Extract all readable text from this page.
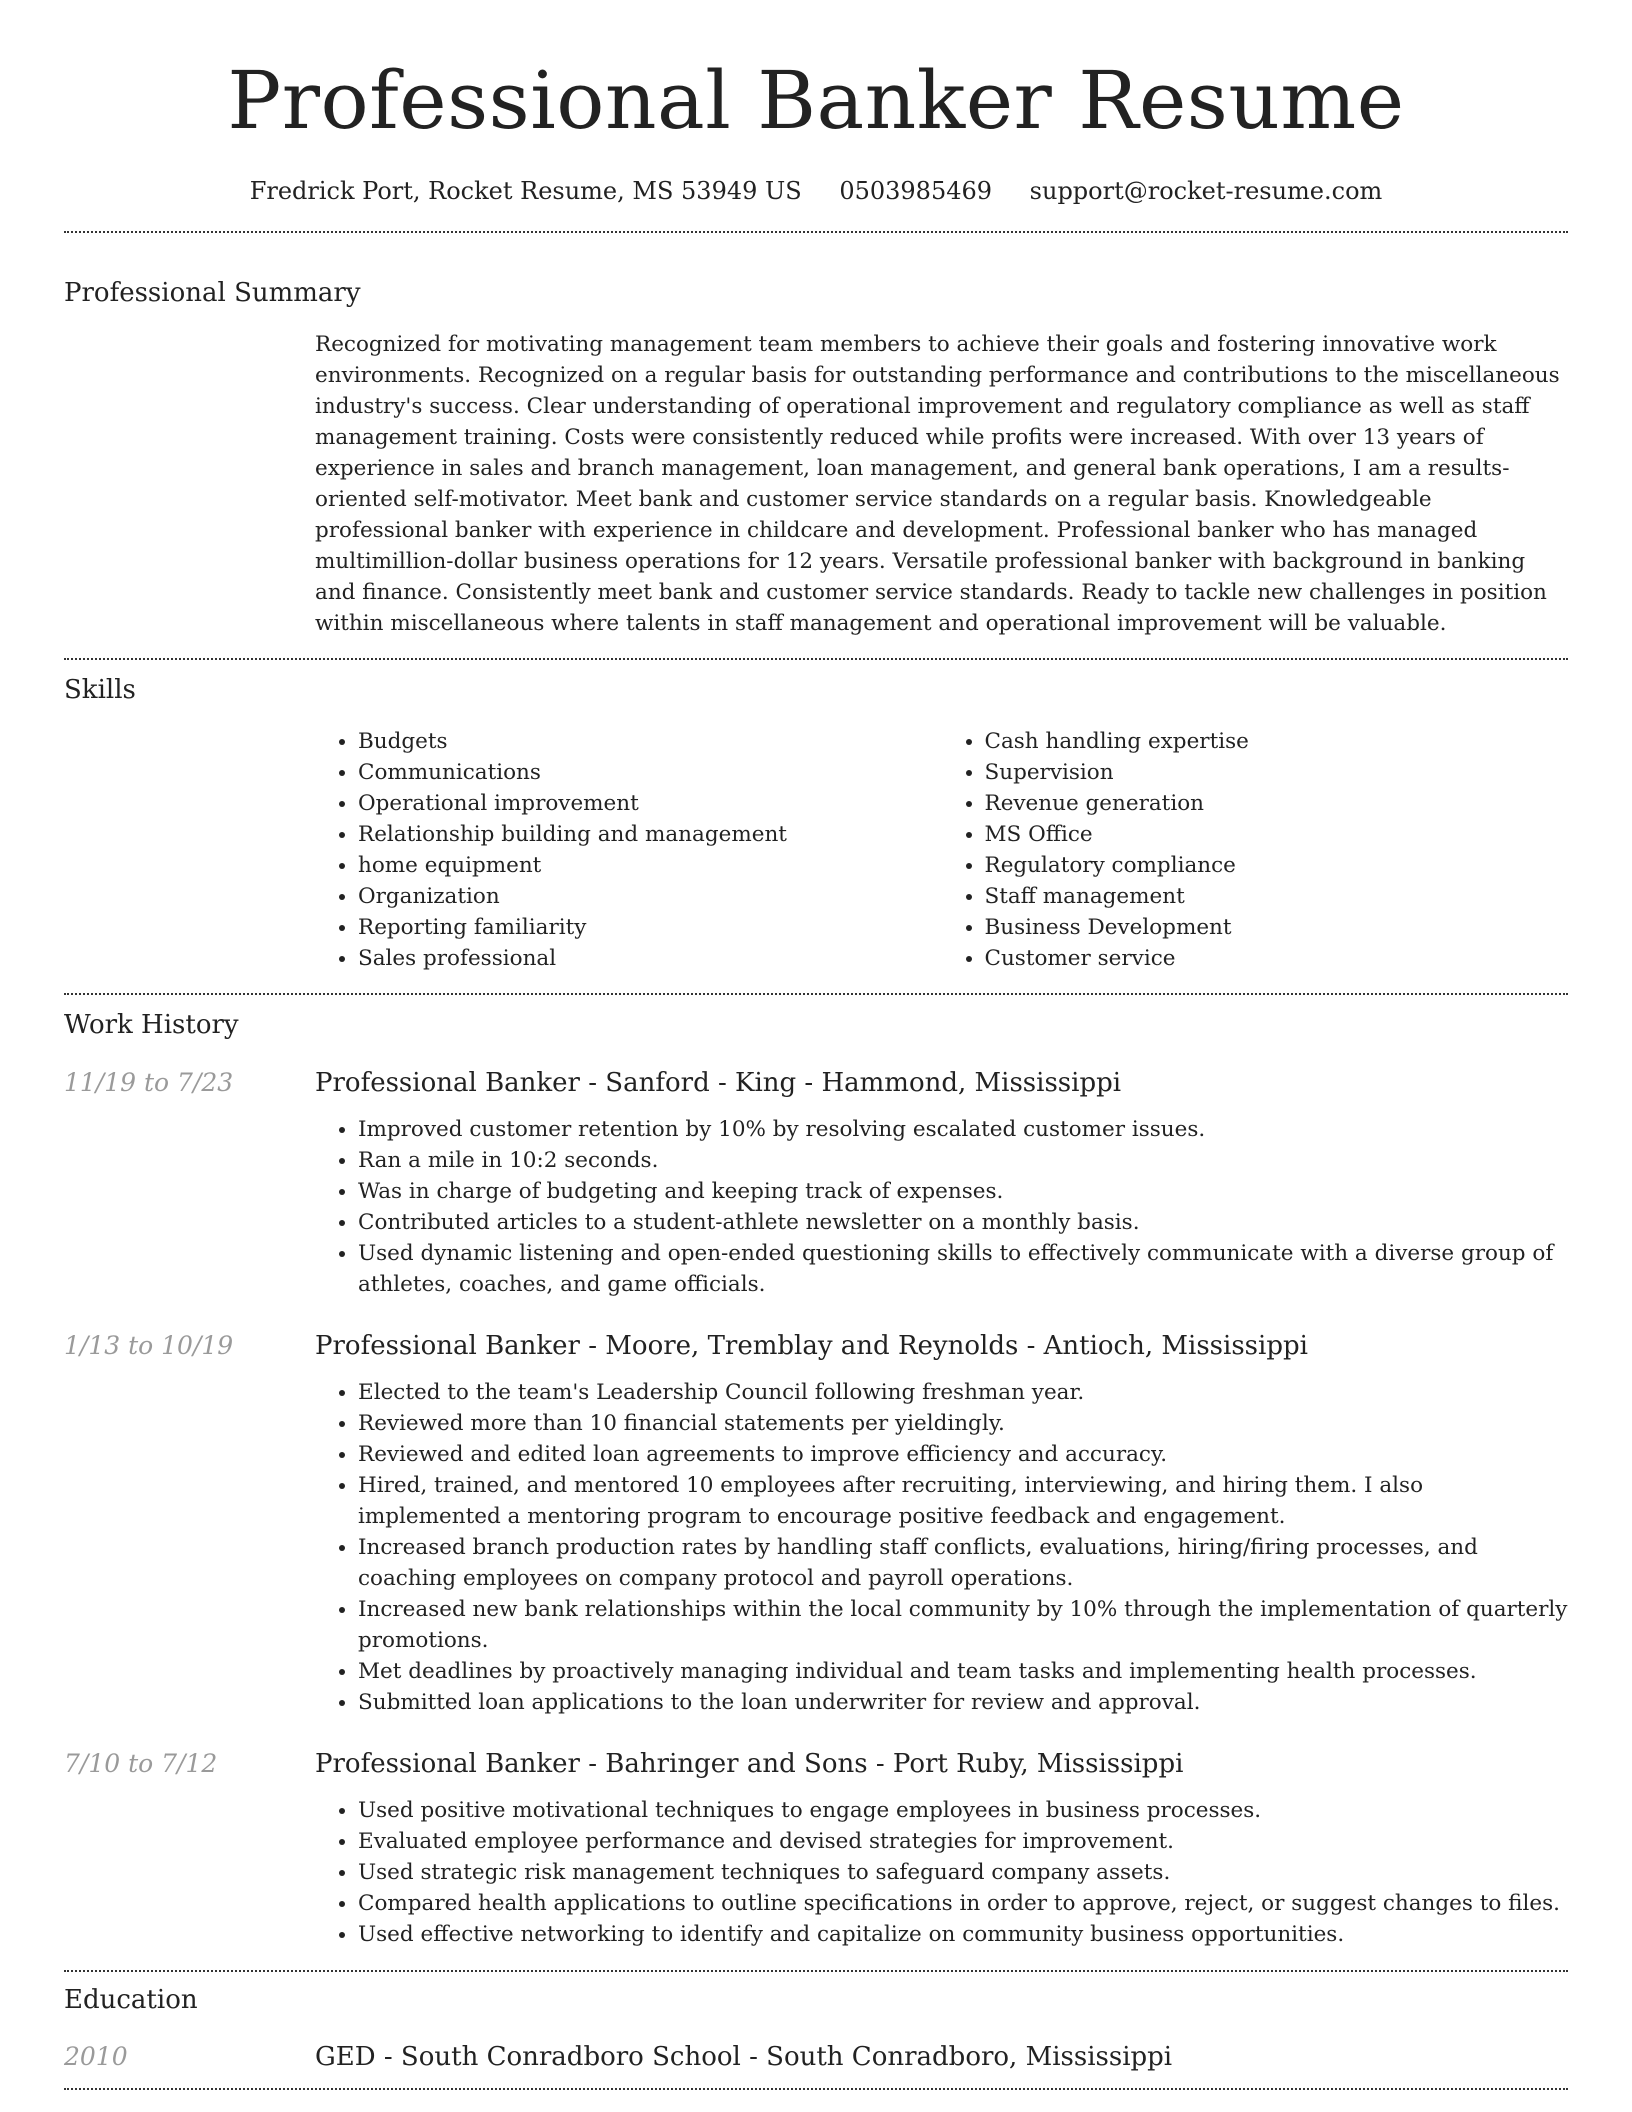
Professional Banker Resume
Fredrick Port, Rocket Resume, MS 53949 US 0503985469 support@rocket-resume.com
Professional Summary

Recognized for motivating management team members to achieve their goals and fostering innovative work environments. Recognized on a regular basis for outstanding performance and contributions to the miscellaneous industry's success. Clear understanding of operational improvement and regulatory compliance as well as staff management training. Costs were consistently reduced while profits were increased. With over 13 years of experience in sales and branch management, loan management, and general bank operations, I am a results-oriented self-motivator. Meet bank and customer service standards on a regular basis. Knowledgeable professional banker with experience in childcare and development. Professional banker who has managed multimillion-dollar business operations for 12 years. Versatile professional banker with background in banking and finance. Consistently meet bank and customer service standards. Ready to tackle new challenges in position within miscellaneous where talents in staff management and operational improvement will be valuable.

Skills
• Budgets
• Communications
• Operational improvement
• Relationship building and management
• home equipment
• Organization
• Reporting familiarity
• Sales professional
• Cash handling expertise
• Supervision
• Revenue generation
• MS Office
• Regulatory compliance
• Staff management
• Business Development
• Customer service
Work History
11/19 to 7/23	Professional Banker - Sanford - King - Hammond, Mississippi
• Improved customer retention by 10% by resolving escalated customer issues.
• Ran a mile in 10:2 seconds.
• Was in charge of budgeting and keeping track of expenses.
• Contributed articles to a student-athlete newsletter on a monthly basis.
• Used dynamic listening and open-ended questioning skills to effectively communicate with a diverse group of athletes, coaches, and game officials.
1/13 to 10/19	Professional Banker - Moore, Tremblay and Reynolds - Antioch, Mississippi
• Elected to the team's Leadership Council following freshman year.
• Reviewed more than 10 financial statements per yieldingly.
• Reviewed and edited loan agreements to improve efficiency and accuracy.
• Hired, trained, and mentored 10 employees after recruiting, interviewing, and hiring them. I also implemented a mentoring program to encourage positive feedback and engagement.
• Increased branch production rates by handling staff conflicts, evaluations, hiring/firing processes, and coaching employees on company protocol and payroll operations.
• Increased new bank relationships within the local community by 10% through the implementation of quarterly promotions.
• Met deadlines by proactively managing individual and team tasks and implementing health processes.
• Submitted loan applications to the loan underwriter for review and approval.
7/10 to 7/12	Professional Banker - Bahringer and Sons - Port Ruby, Mississippi
• Used positive motivational techniques to engage employees in business processes.
• Evaluated employee performance and devised strategies for improvement.
• Used strategic risk management techniques to safeguard company assets.
• Compared health applications to outline specifications in order to approve, reject, or suggest changes to files.
• Used effective networking to identify and capitalize on community business opportunities.
Education
2010	GED - South Conradboro School - South Conradboro, Mississippi
